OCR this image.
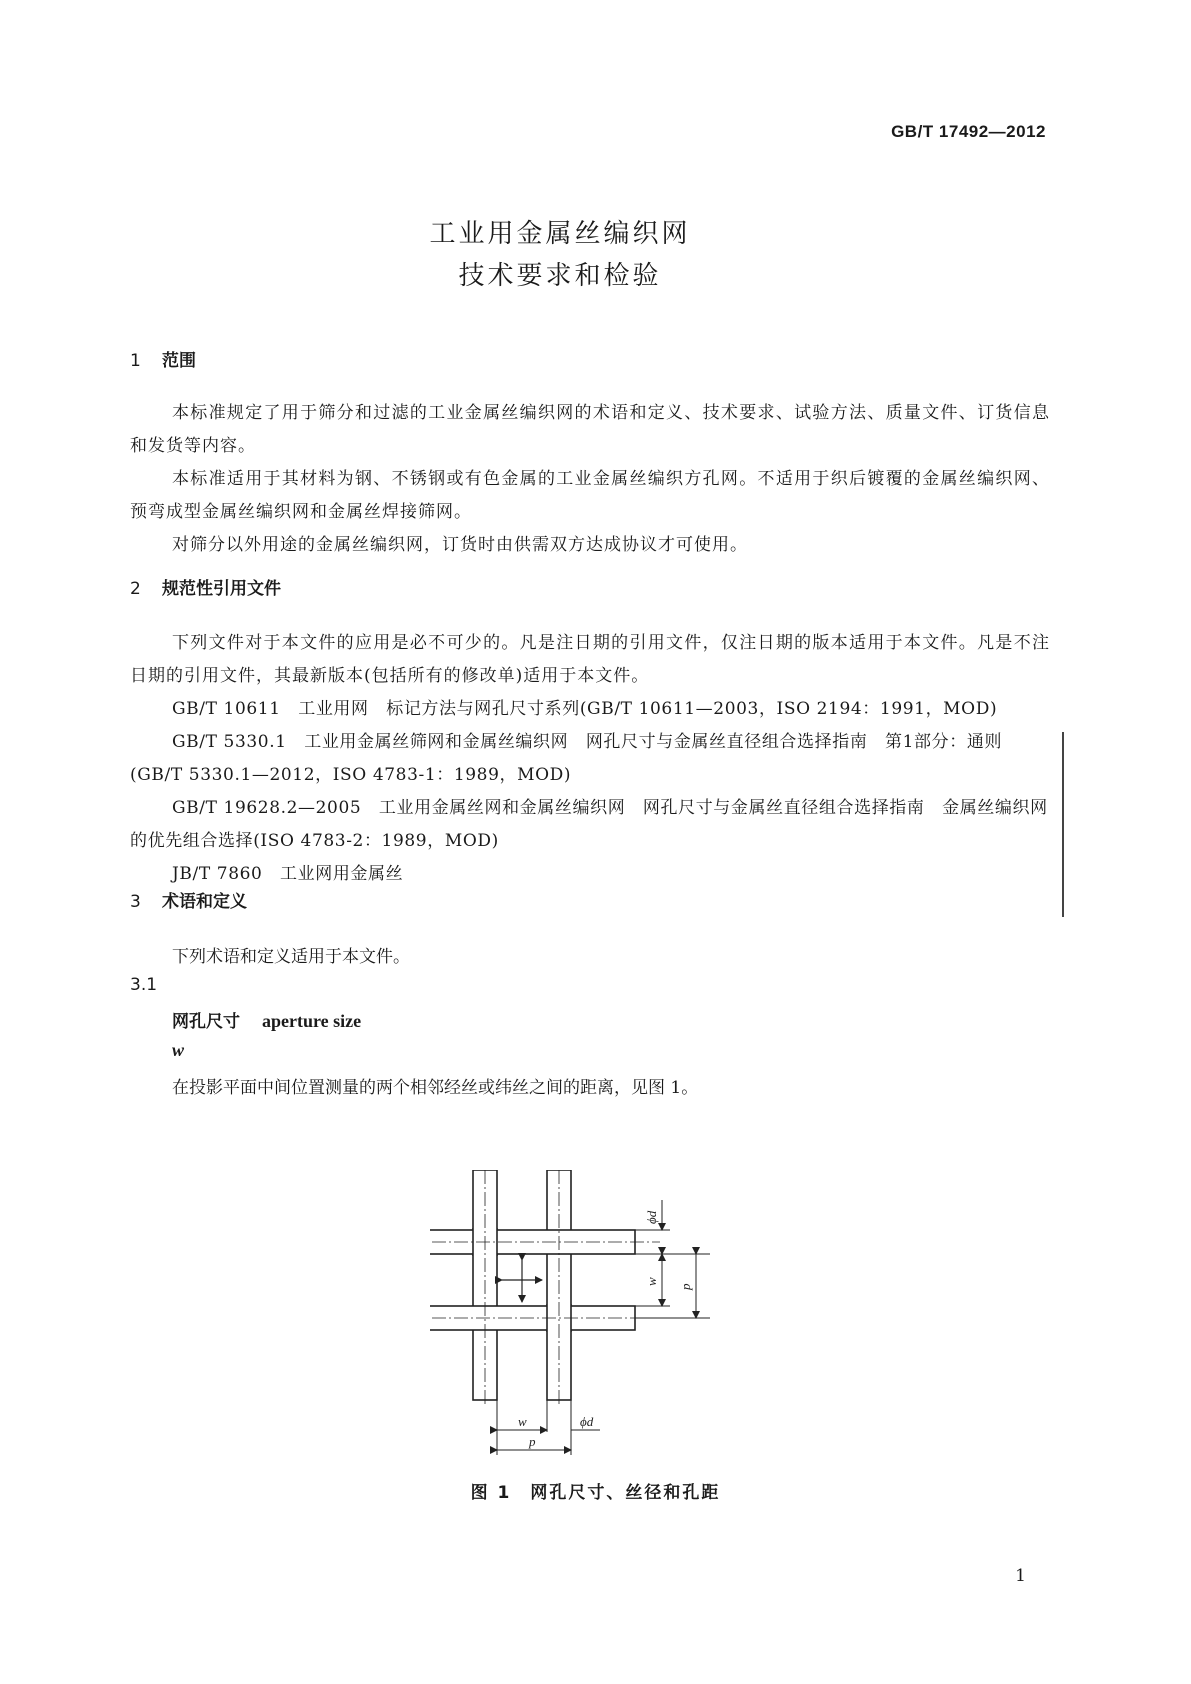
GB/T 17492—2012
工业用金属丝编织网
技术要求和检验
1 范围

本标准规定了用于筛分和过滤的工业金属丝编织网的术语和定义、技术要求、试验方法、质量文件、订货信息和发货等内容。

本标准适用于其材料为钢、不锈钢或有色金属的工业金属丝编织方孔网。不适用于织后镀覆的金属丝编织网、预弯成型金属丝编织网和金属丝焊接筛网。

对筛分以外用途的金属丝编织网，订货时由供需双方达成协议才可使用。

2 规范性引用文件

下列文件对于本文件的应用是必不可少的。凡是注日期的引用文件，仅注日期的版本适用于本文件。凡是不注日期的引用文件，其最新版本(包括所有的修改单)适用于本文件。

GB/T 10611　工业用网　标记方法与网孔尺寸系列(GB/T 10611—2003，ISO 2194：1991，MOD)

GB/T 5330.1　工业用金属丝筛网和金属丝编织网　网孔尺寸与金属丝直径组合选择指南　第1部分：通则(GB/T 5330.1—2012，ISO 4783-1：1989，MOD)

GB/T 19628.2—2005　工业用金属丝网和金属丝编织网　网孔尺寸与金属丝直径组合选择指南　金属丝编织网的优先组合选择(ISO 4783-2：1989，MOD)

JB/T 7860　工业网用金属丝

3 术语和定义
下列术语和定义适用于本文件。
3.1
网孔尺寸 aperture size
w
在投影平面中间位置测量的两个相邻经丝或纬丝之间的距离，见图 1。
ϕd
w
p
w	ϕd
p
图 1　网孔尺寸、丝径和孔距
1
